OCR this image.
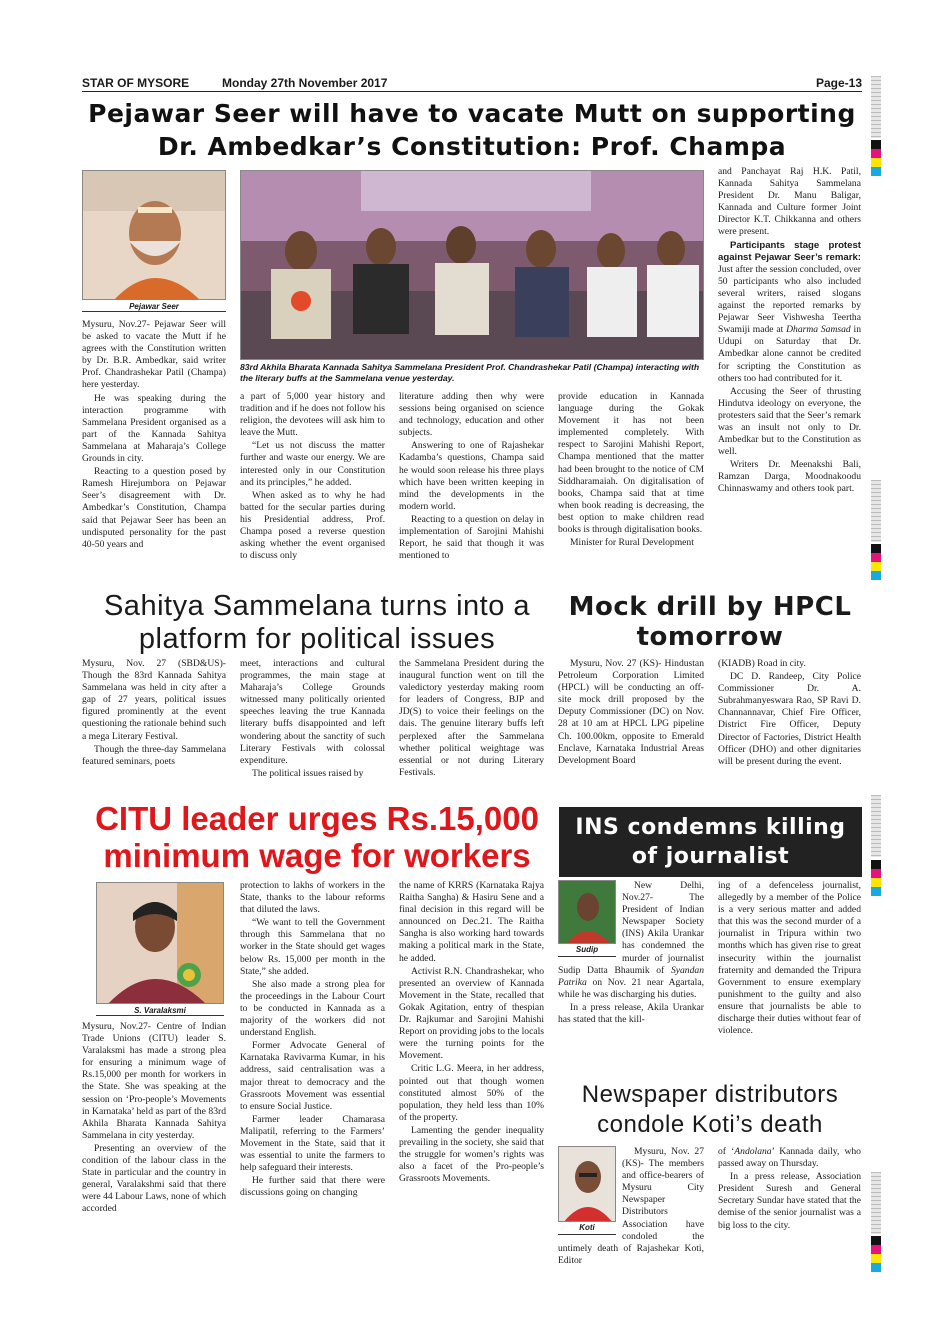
STAR OF MYSORE	Monday 27th November 2017	Page-13
Pejawar Seer will have to vacate Mutt on supporting
Dr. Ambedkar’s Constitution: Prof. Champa
Pejawar Seer
83rd Akhila Bharata Kannada Sahitya Sammelana President Prof. Chandrashekar Patil (Champa) interacting with the literary buffs at the Sammelana venue yesterday.

Mysuru, Nov.27- Pejawar Seer will be asked to vacate the Mutt if he agrees with the Constitution written by Dr. B.R. Ambedkar, said writer Prof. Chandrashekar Patil (Champa) here yesterday.

He was speaking during the interaction programme with Sammelana President organised as a part of the Kannada Sahitya Sammelana at Maharaja’s College Grounds in city.

Reacting to a question posed by Ramesh Hirejumbora on Pejawar Seer’s disagreement with Dr. Ambedkar’s Constitution, Champa said that Pejawar Seer has been an undisputed personality for the past 40-50 years and

a part of 5,000 year history and tradition and if he does not follow his religion, the devotees will ask him to leave the Mutt.

“Let us not discuss the matter further and waste our energy. We are interested only in our Constitution and its principles,” he added.

When asked as to why he had batted for the secular parties during his Presidential address, Prof. Champa posed a reverse question asking whether the event organised to discuss only

literature adding then why were sessions being organised on science and technology, education and other subjects.

Answering to one of Rajashekar Kadamba’s questions, Champa said he would soon release his three plays which have been written keeping in mind the developments in the modern world.

Reacting to a question on delay in implementation of Sarojini Mahishi Report, he said that though it was mentioned to

provide education in Kannada language during the Gokak Movement it has not been implemented completely. With respect to Sarojini Mahishi Report, Champa mentioned that the matter had been brought to the notice of CM Siddharamaiah. On digitalisation of books, Champa said that at time when book reading is decreasing, the best option to make children read books is through digitalisation books.

Minister for Rural Development

and Panchayat Raj H.K. Patil, Kannada Sahitya Sammelana President Dr. Manu Baligar, Kannada and Culture former Joint Director K.T. Chikkanna and others were present.

Participants stage protest against Pejawar Seer’s remark: Just after the session concluded, over 50 participants who also included several writers, raised slogans against the reported remarks by Pejawar Seer Vishwesha Teertha Swamiji made at Dharma Samsad in Udupi on Saturday that Dr. Ambedkar alone cannot be credited for scripting the Constitution as others too had contributed for it.

Accusing the Seer of thrusting Hindutva ideology on everyone, the protesters said that the Seer’s remark was an insult not only to Dr. Ambedkar but to the Constitution as well.

Writers Dr. Meenakshi Bali, Ramzan Darga, Moodnakoodu Chinnaswamy and others took part.

Sahitya Sammelana turns into a
platform for political issues

Mysuru, Nov. 27 (SBD&US)- Though the 83rd Kannada Sahitya Sammelana was held in city after a gap of 27 years, political issues figured prominently at the event questioning the rationale behind such a mega Literary Festival.

Though the three-day Sammelana featured seminars, poets

meet, interactions and cultural programmes, the main stage at Maharaja’s College Grounds witnessed many politically oriented speeches leaving the true Kannada literary buffs disappointed and left wondering about the sanctity of such Literary Festivals with colossal expenditure.

The political issues raised by

the Sammelana President during the inaugural function went on till the valedictory yesterday making room for leaders of Congress, BJP and JD(S) to voice their feelings on the dais. The genuine literary buffs left perplexed after the Sammelana whether political weightage was essential or not during Literary Festivals.

Mock drill by HPCL
tomorrow

Mysuru, Nov. 27 (KS)- Hindustan Petroleum Corporation Limited (HPCL) will be conducting an off-site mock drill proposed by the Deputy Commissioner (DC) on Nov. 28 at 10 am at HPCL LPG pipeline Ch. 100.00km, opposite to Emerald Enclave, Karnataka Industrial Areas Development Board

(KIADB) Road in city.

DC D. Randeep, City Police Commissioner Dr. A. Subrahmanyeswara Rao, SP Ravi D. Channannavar, Chief Fire Officer, District Fire Officer, Deputy Director of Factories, District Health Officer (DHO) and other dignitaries will be present during the event.

CITU leader urges Rs.15,000
minimum wage for workers
S. Varalaksmi

Mysuru, Nov.27- Centre of Indian Trade Unions (CITU) leader S. Varalaksmi has made a strong plea for ensuring a minimum wage of Rs.15,000 per month for workers in the State. She was speaking at the session on ‘Pro-people’s Movements in Karnataka’ held as part of the 83rd Akhila Bharata Kannada Sahitya Sammelana in city yesterday.

Presenting an overview of the condition of the labour class in the State in particular and the country in general, Varalakshmi said that there were 44 Labour Laws, none of which accorded

protection to lakhs of workers in the State, thanks to the labour reforms that diluted the laws.

“We want to tell the Government through this Sammelana that no worker in the State should get wages below Rs. 15,000 per month in the State,” she added.

She also made a strong plea for the proceedings in the Labour Court to be conducted in Kannada as a majority of the workers did not understand English.

Former Advocate General of Karnataka Ravivarma Kumar, in his address, said centralisation was a major threat to democracy and the Grassroots Movement was essential to ensure Social Justice.

Farmer leader Chamarasa Malipatil, referring to the Farmers’ Movement in the State, said that it was essential to unite the farmers to help safeguard their interests.

He further said that there were discussions going on changing

the name of KRRS (Karnataka Rajya Raitha Sangha) & Hasiru Sene and a final decision in this regard will be announced on Dec.21. The Raitha Sangha is also working hard towards making a political mark in the State, he added.

Activist R.N. Chandrashekar, who presented an overview of Kannada Movement in the State, recalled that Gokak Agitation, entry of thespian Dr. Rajkumar and Sarojini Mahishi Report on providing jobs to the locals were the turning points for the Movement.

Critic L.G. Meera, in her address, pointed out that though women constituted almost 50% of the population, they held less than 10% of the property.

Lamenting the gender inequality prevailing in the society, she said that the struggle for women’s rights was also a facet of the Pro-people’s Grassroots Movements.

INS condemns killing
of journalist
Sudip

New Delhi, Nov.27- The President of Indian Newspaper Society (INS) Akila Urankar has condemned the murder of journalist Sudip Datta Bhaumik of Syandan Patrika on Nov. 21 near Agartala, while he was discharging his duties.

In a press release, Akila Urankar has stated that the kill-

ing of a defenceless journalist, allegedly by a member of the Police is a very serious matter and added that this was the second murder of a journalist in Tripura within two months which has given rise to great insecurity within the journalist fraternity and demanded the Tripura Government to ensure exemplary punishment to the guilty and also ensure that journalists be able to discharge their duties without fear of violence.

Newspaper distributors
condole Koti’s death
Koti

Mysuru, Nov. 27 (KS)- The members and office-bearers of Mysuru City Newspaper Distributors Association have condoled the untimely death of Rajashekar Koti, Editor

of ‘Andolana’ Kannada daily, who passed away on Thursday.

In a press release, Association President Suresh and General Secretary Sundar have stated that the demise of the senior journalist was a big loss to the city.
